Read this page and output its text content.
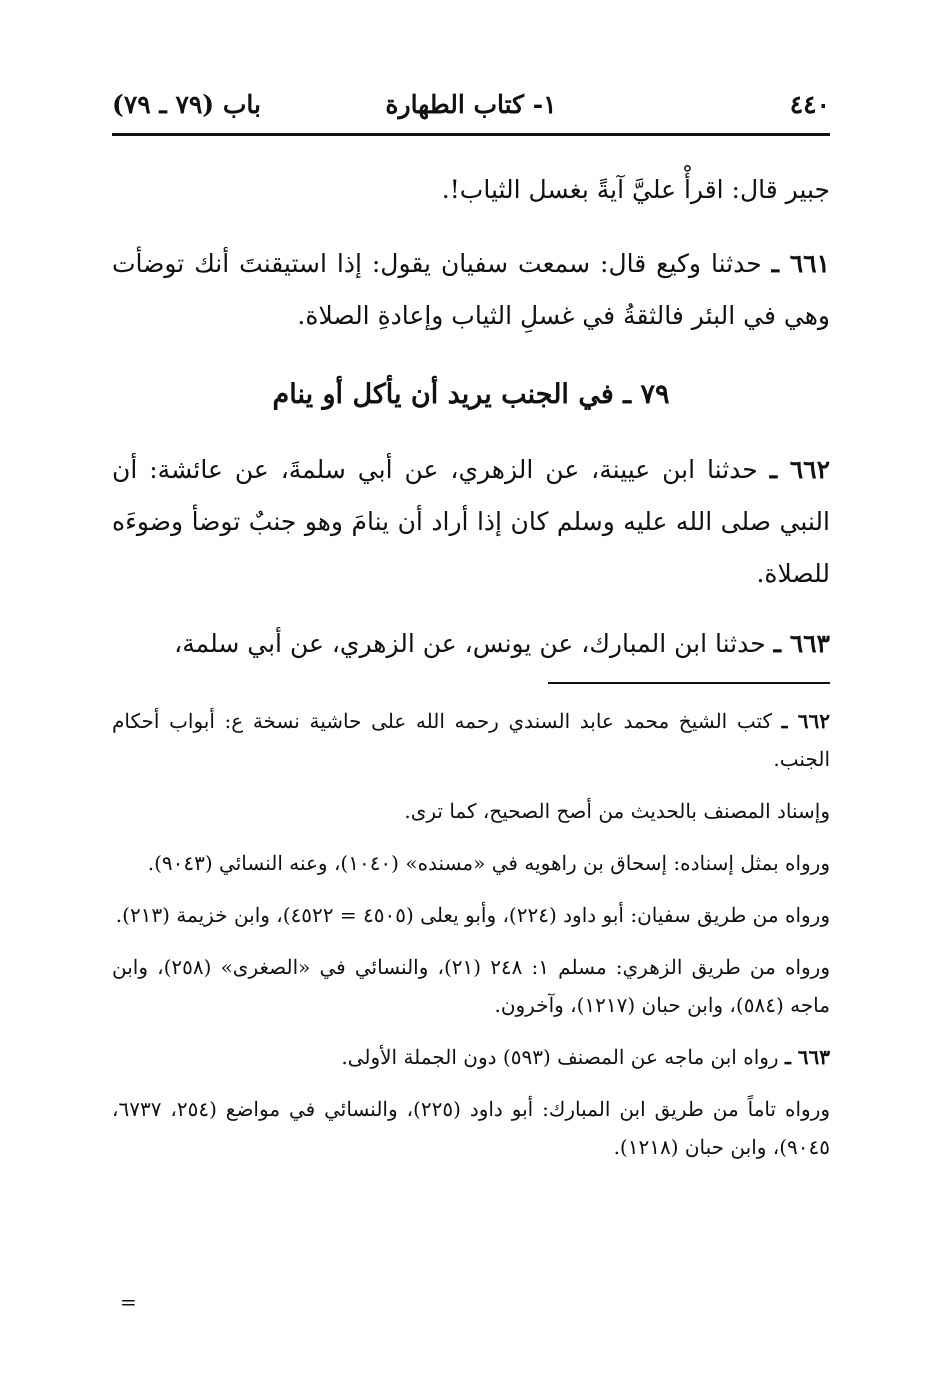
٤٤٠
١- كتاب الطهارة
باب (٧٩ ـ ٧٩)

جبير قال: اقرأْ عليَّ آيةً بغسل الثياب!.

٦٦١ ـ حدثنا وكيع قال: سمعت سفيان يقول: إذا استيقنتَ أنك توضأت وهي في البئر فالثقةُ في غسلِ الثياب وإعادةِ الصلاة.

٧٩ ـ في الجنب يريد أن يأكل أو ينام

٦٦٢ ـ حدثنا ابن عيينة، عن الزهري، عن أبي سلمةَ، عن عائشة: أن النبي صلى الله عليه وسلم كان إذا أراد أن ينامَ وهو جنبٌ توضأ وضوءَه للصلاة.

٦٦٣ ـ حدثنا ابن المبارك، عن يونس، عن الزهري، عن أبي سلمة،

٦٦٢ ـ كتب الشيخ محمد عابد السندي رحمه الله على حاشية نسخة ع: أبواب أحكام الجنب.

وإسناد المصنف بالحديث من أصح الصحيح، كما ترى.

ورواه بمثل إسناده: إسحاق بن راهويه في «مسنده» (١٠٤٠)، وعنه النسائي (٩٠٤٣).

ورواه من طريق سفيان: أبو داود (٢٢٤)، وأبو يعلى (٤٥٠٥ = ٤٥٢٢)، وابن خزيمة (٢١٣).

ورواه من طريق الزهري: مسلم ١: ٢٤٨ (٢١)، والنسائي في «الصغرى» (٢٥٨)، وابن ماجه (٥٨٤)، وابن حبان (١٢١٧)، وآخرون.

٦٦٣ ـ رواه ابن ماجه عن المصنف (٥٩٣) دون الجملة الأولى.

ورواه تاماً من طريق ابن المبارك: أبو داود (٢٢٥)، والنسائي في مواضع (٢٥٤، ٦٧٣٧، ٩٠٤٥)، وابن حبان (١٢١٨).

=
